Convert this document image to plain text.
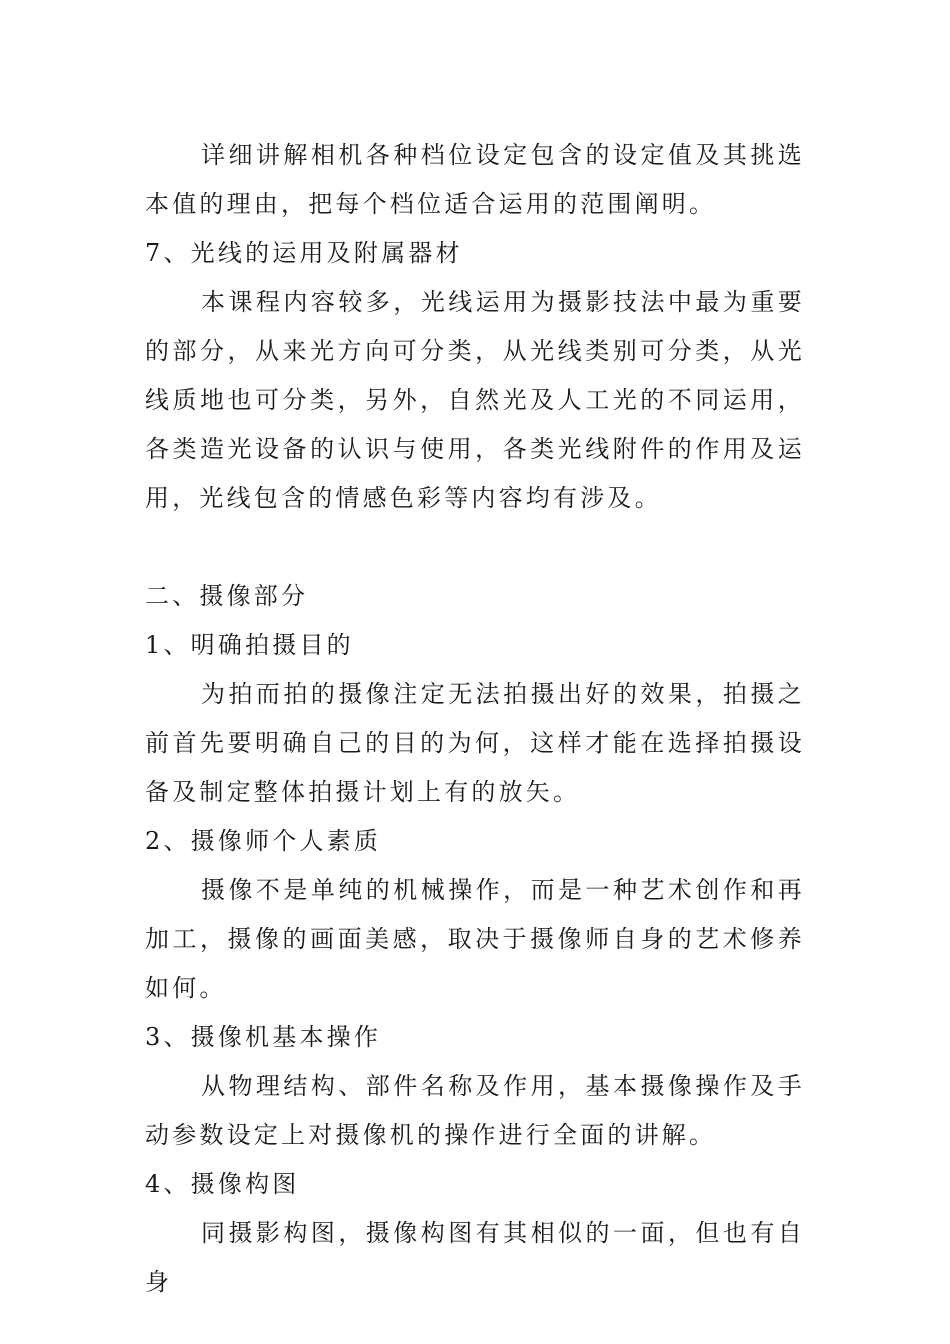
详细讲解相机各种档位设定包含的设定值及其挑选本值的理由，把每个档位适合运用的范围阐明。

7、光线的运用及附属器材

本课程内容较多，光线运用为摄影技法中最为重要的部分，从来光方向可分类，从光线类别可分类，从光线质地也可分类，另外，自然光及人工光的不同运用，各类造光设备的认识与使用，各类光线附件的作用及运用，光线包含的情感色彩等内容均有涉及。

二、摄像部分

1、明确拍摄目的

为拍而拍的摄像注定无法拍摄出好的效果，拍摄之前首先要明确自己的目的为何，这样才能在选择拍摄设备及制定整体拍摄计划上有的放矢。

2、摄像师个人素质

摄像不是单纯的机械操作，而是一种艺术创作和再加工，摄像的画面美感，取决于摄像师自身的艺术修养如何。

3、摄像机基本操作

从物理结构、部件名称及作用，基本摄像操作及手动参数设定上对摄像机的操作进行全面的讲解。

4、摄像构图

同摄影构图，摄像构图有其相似的一面，但也有自身
